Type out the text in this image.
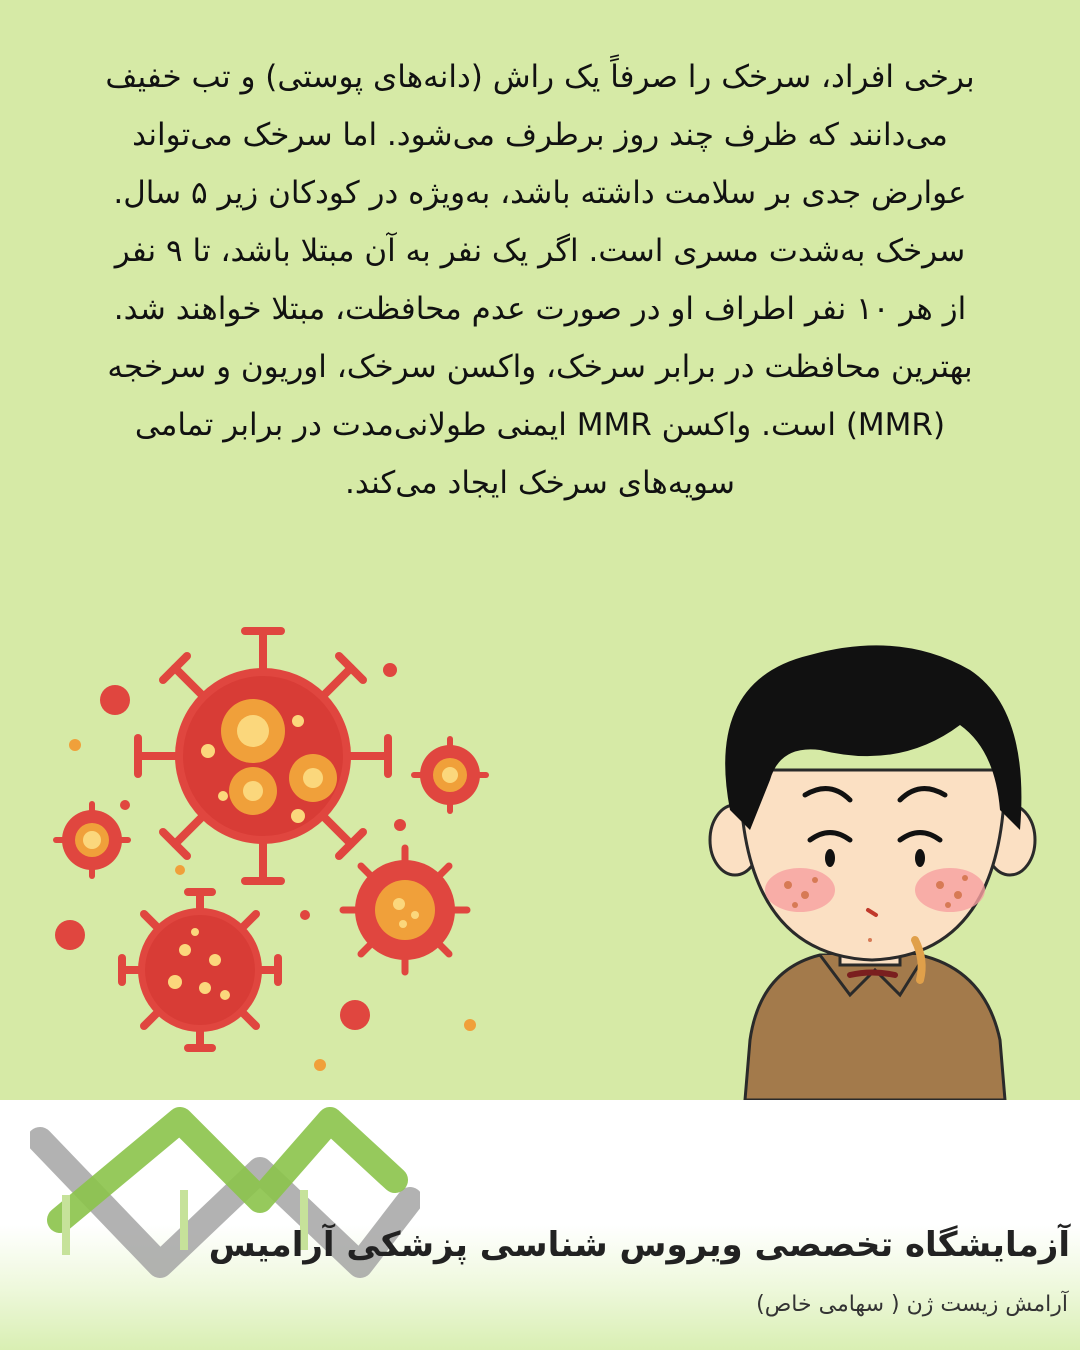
برخی افراد، سرخک را صرفاً یک راش (دانه‌های پوستی) و تب خفیف می‌دانند که ظرف چند روز برطرف می‌شود. اما سرخک می‌تواند عوارض جدی بر سلامت داشته باشد، به‌ویژه در کودکان زیر ۵ سال.

سرخک به‌شدت مسری است. اگر یک نفر به آن مبتلا باشد، تا ۹ نفر از هر ۱۰ نفر اطراف او در صورت عدم محافظت، مبتلا خواهند شد.

بهترین محافظت در برابر سرخک، واکسن سرخک، اوریون و سرخجه (MMR) است. واکسن MMR ایمنی طولانی‌مدت در برابر تمامی سویه‌های سرخک ایجاد می‌کند.

آزمایشگاه تخصصی ویروس شناسی پزشکی آرامیس
آرامش زیست ژن ( سهامی خاص)
